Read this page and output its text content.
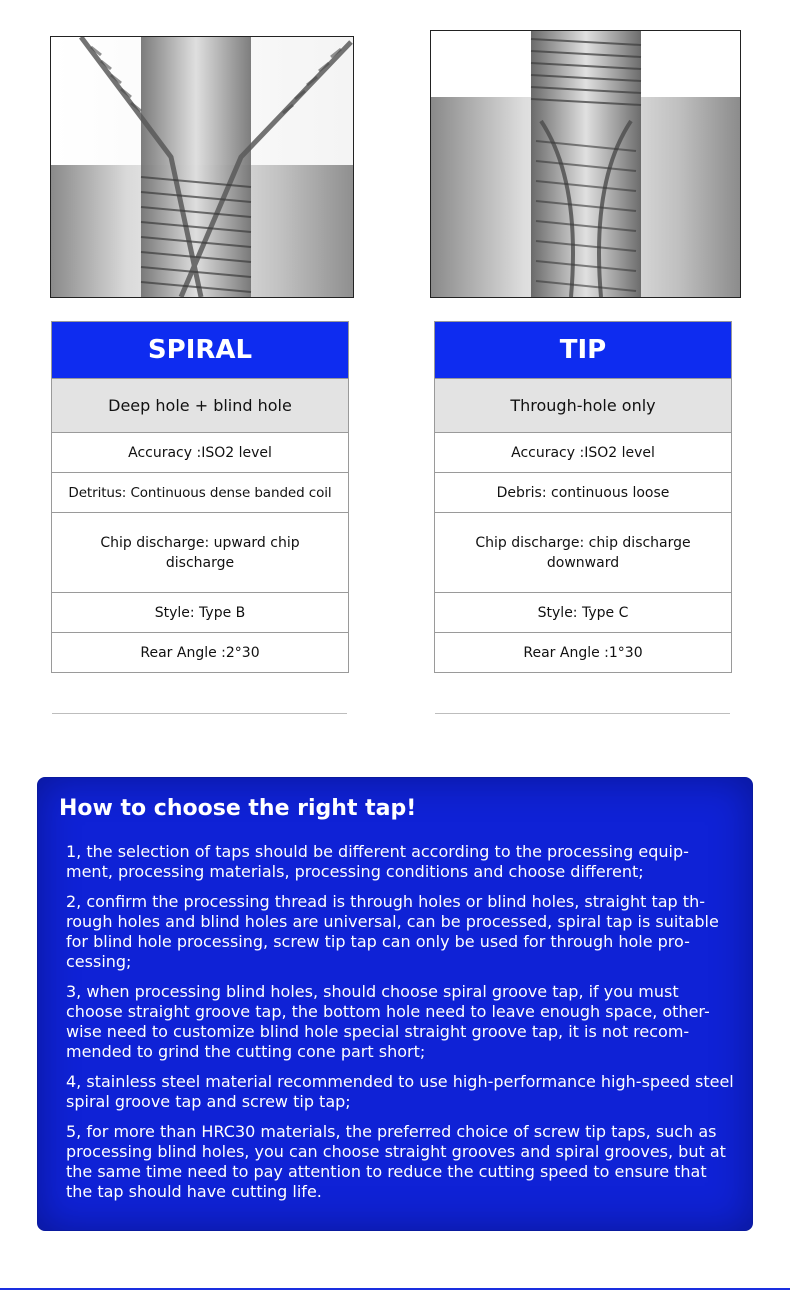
SPIRAL
Deep hole + blind hole
Accuracy :ISO2 level
Detritus: Continuous dense banded coil
Chip discharge: upward chip discharge
Style: Type B
Rear Angle :2°30
TIP
Through-hole only
Accuracy :ISO2 level
Debris: continuous loose
Chip discharge: chip discharge downward
Style: Type C
Rear Angle :1°30
How to choose the right tap!

1, the selection of taps should be different according to the processing equip-ment, processing materials, processing conditions and choose different;

2, confirm the processing thread is through holes or blind holes, straight tap th-rough holes and blind holes are universal, can be processed, spiral tap is suitable for blind hole processing, screw tip tap can only be used for through hole pro-cessing;

3, when processing blind holes, should choose spiral groove tap, if you must choose straight groove tap, the bottom hole need to leave enough space, other-wise need to customize blind hole special straight groove tap, it is not recom-mended to grind the cutting cone part short;

4, stainless steel material recommended to use high-performance high-speed steel spiral groove tap and screw tip tap;

5, for more than HRC30 materials, the preferred choice of screw tip taps, such as processing blind holes, you can choose straight grooves and spiral grooves, but at the same time need to pay attention to reduce the cutting speed to ensure that the tap should have cutting life.
